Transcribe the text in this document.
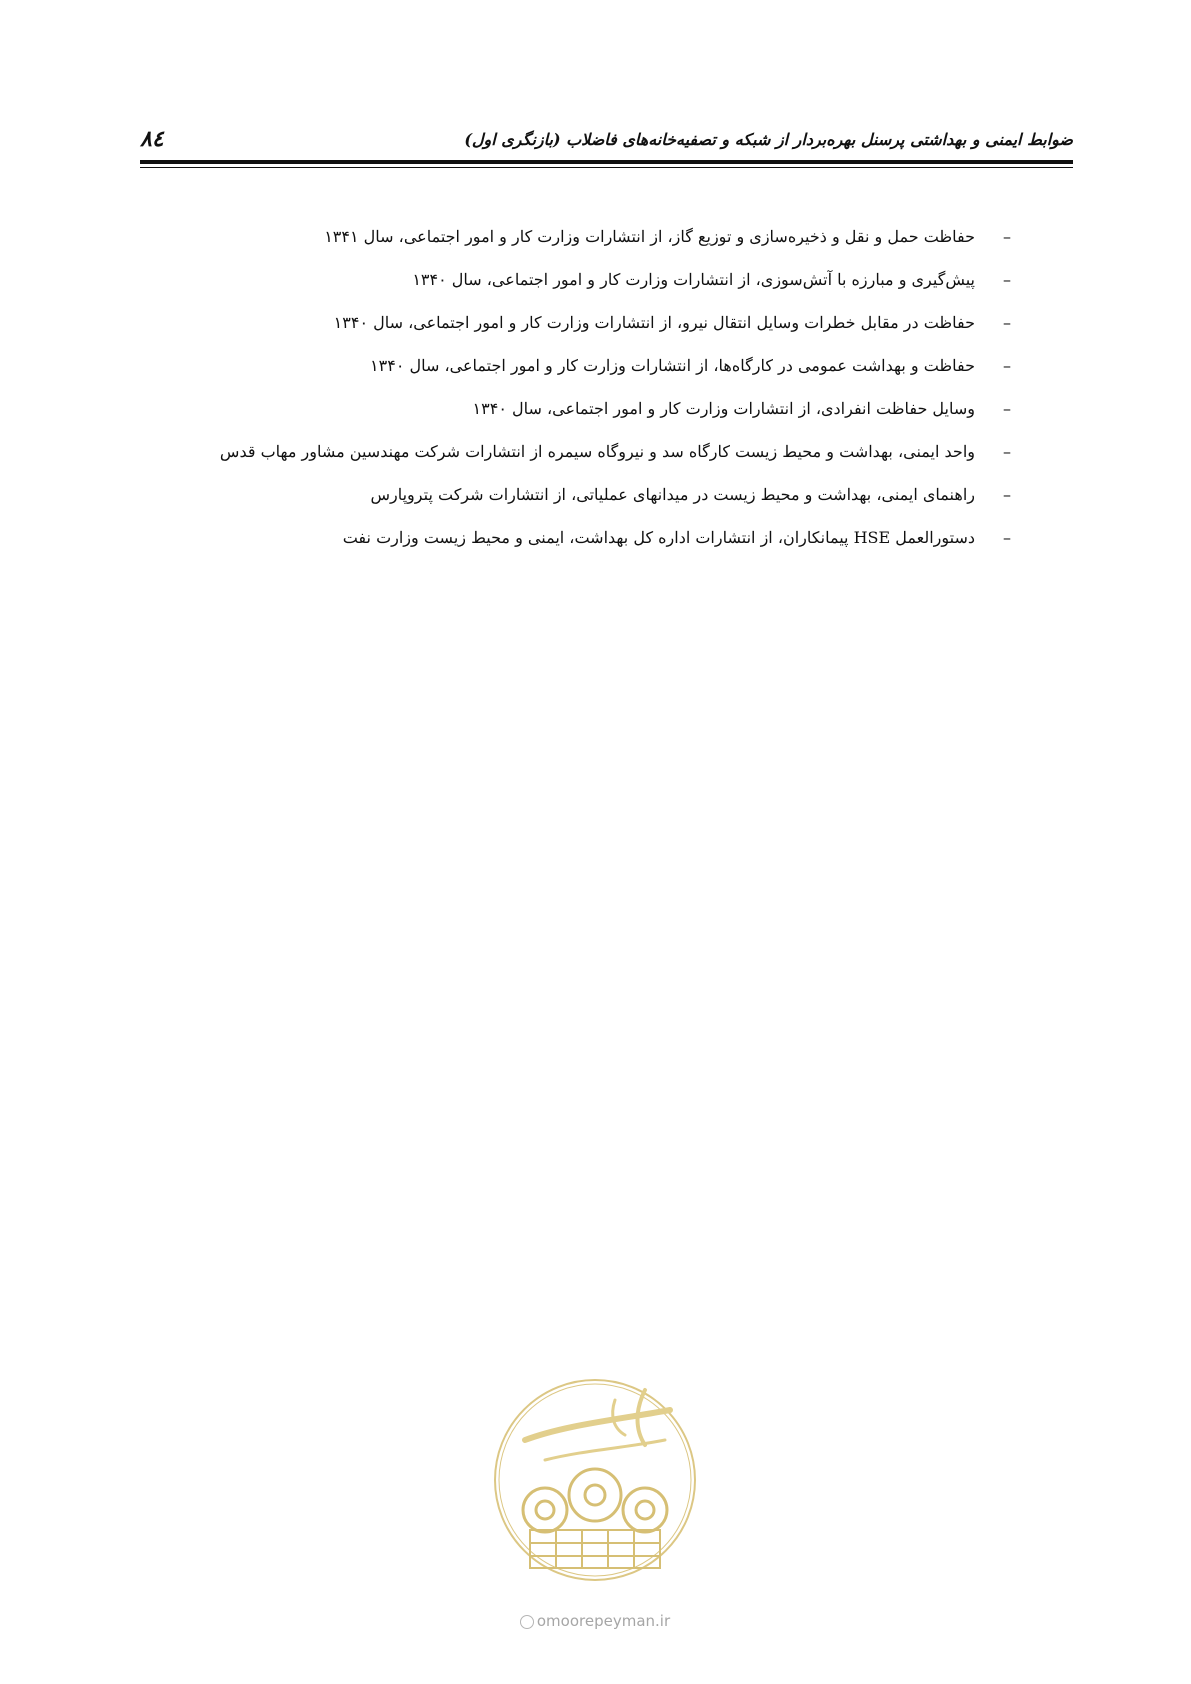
۸٤	ضوابط ایمنی و بهداشتی پرسنل بهره‌بردار از شبکه و تصفیه‌خانه‌های فاضلاب (بازنگری اول)
–حفاظت حمل و نقل و ذخیره‌سازی و توزیع گاز، از انتشارات وزارت کار و امور اجتماعی، سال ۱۳۴۱
–پیش‌گیری و مبارزه با آتش‌سوزی، از انتشارات وزارت کار و امور اجتماعی، سال ۱۳۴۰
–حفاظت در مقابل خطرات وسایل انتقال نیرو، از انتشارات وزارت کار و امور اجتماعی، سال ۱۳۴۰
–حفاظت و بهداشت عمومی در کارگاه‌ها، از انتشارات وزارت کار و امور اجتماعی، سال ۱۳۴۰
–وسایل حفاظت انفرادی، از انتشارات وزارت کار و امور اجتماعی، سال ۱۳۴۰
–واحد ایمنی، بهداشت و محیط زیست کارگاه سد و نیروگاه سیمره از انتشارات شرکت مهندسین مشاور مهاب قدس
–راهنمای ایمنی، بهداشت و محیط زیست در میدانهای عملیاتی، از انتشارات شرکت پتروپارس
–دستورالعمل HSE پیمانکاران، از انتشارات اداره کل بهداشت، ایمنی و محیط زیست وزارت نفت
omoorepeyman.ir
